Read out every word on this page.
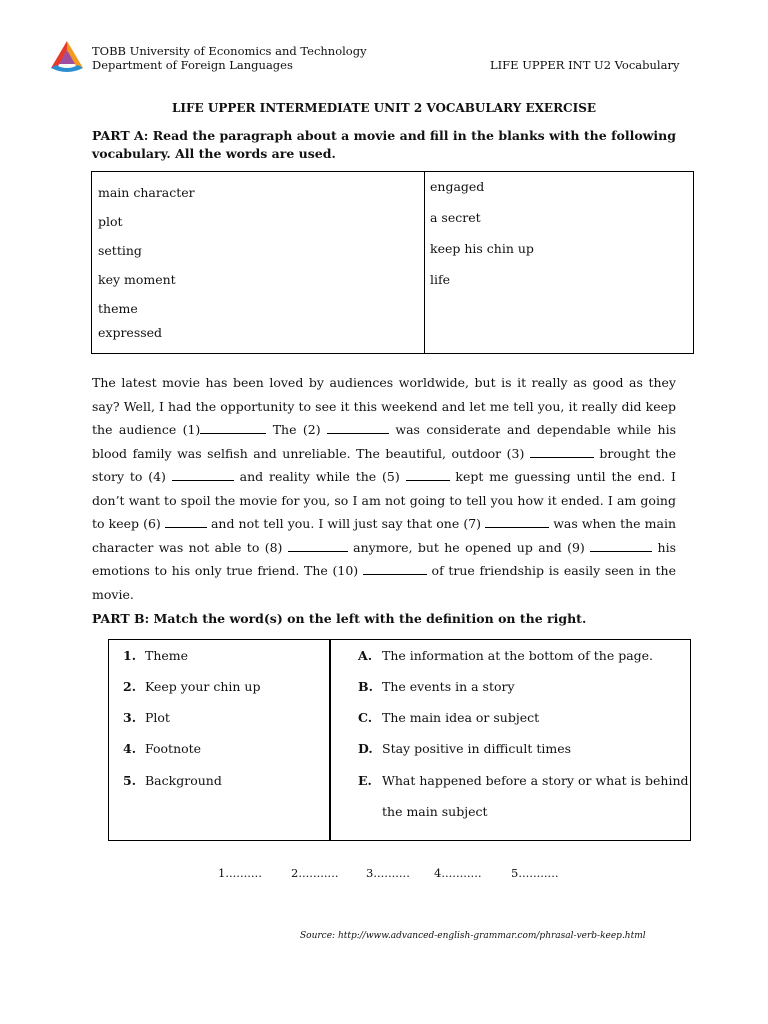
TOBB University of Economics and Technology
Department of Foreign Languages	LIFE UPPER INT U2 Vocabulary
LIFE UPPER INTERMEDIATE UNIT 2 VOCABULARY EXERCISE
PART A: Read the paragraph about a movie and fill in the blanks with the following vocabulary. All the words are used.
main character
plot
setting
key moment
theme
expressed
engaged
a secret
keep his chin up
life
The latest movie has been loved by audiences worldwide, but is it really as good as they say? Well, I had the opportunity to see it this weekend and let me tell you, it really did keep the audience (1)	The (2)	was considerate and dependable while his blood family was selfish and unreliable. The beautiful, outdoor (3)	brought the story to (4)	and reality while the (5)	kept me guessing until the end. I don’t want to spoil the movie for you, so I am not going to tell you how it ended. I am going to keep (6)	and not tell you. I will just say that one (7)	was when the main character was not able to (8)	anymore, but he opened up and (9)	his emotions to his only true friend. The (10)	of true friendship is easily seen in the movie.
PART B: Match the word(s) on the left with the definition on the right.
1. Theme
2. Keep your chin up
3. Plot
4. Footnote
5. Background
A. The information at the bottom of the page.
B. The events in a story
C. The main idea or subject
D. Stay positive in difficult times
E. What happened before a story or what is behind
the main subject
1..........	2........... 3.......... 4...........	5...........
Source: http://www.advanced-english-grammar.com/phrasal-verb-keep.html
